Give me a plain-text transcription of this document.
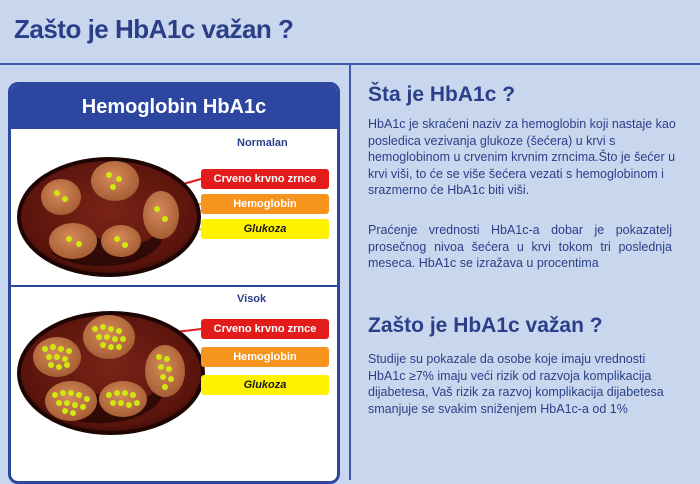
Zašto je HbA1c važan ?
Hemoglobin HbA1c
Normalan
Crveno krvno zrnce
Hemoglobin
Glukoza
Visok
Crveno krvno zrnce
Hemoglobin
Glukoza
Šta je HbA1c ?

HbA1c je skraćeni naziv za hemoglobin koji nastaje kao posledica vezivanja glukoze (šećera) u krvi s hemoglobinom u crvenim krvnim zrncima.Što je šećer u krvi viši, to će se više šećera vezati s hemoglobinom i srazmerno će HbA1c biti viši.

Praćenje vrednosti HbA1c-a dobar je pokazatelj prosečnog nivoa šećera u krvi tokom tri poslednja meseca. HbA1c se izražava u procentima

Zašto je HbA1c važan ?

Studije su pokazale da osobe koje imaju vrednosti HbA1c ≥7% imaju veći rizik od razvoja komplikacija dijabetesa, Vaš rizik za razvoj komplikacija dijabetesa smanjuje se svakim sniženjem HbA1c-a od 1%
